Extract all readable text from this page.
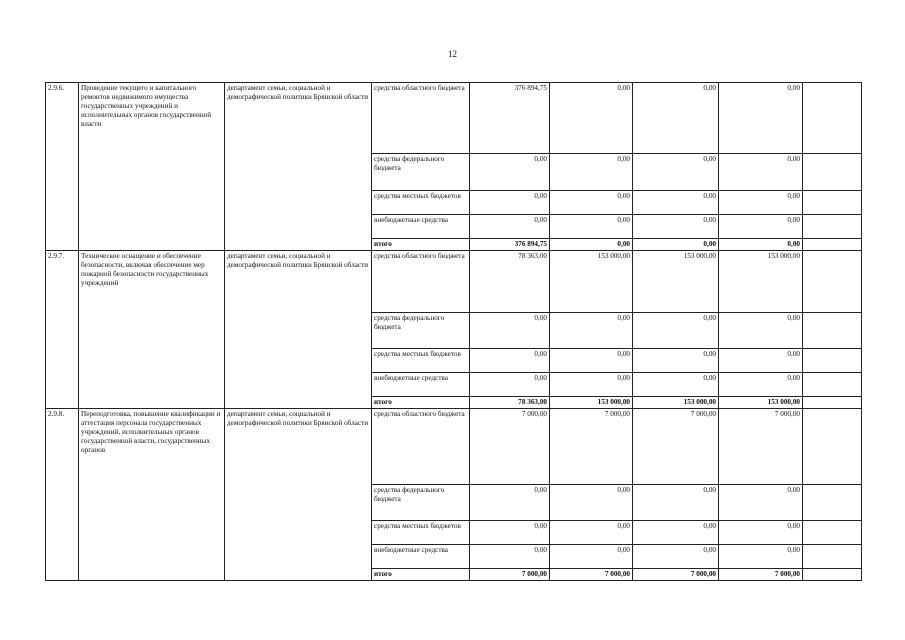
12
2.9.6.	Проведение текущего и капитального ремонтов недвижимого имущества государственных учреждений и исполнительных органов государственной власти	департамент семьи, социальной и демографической политики Брянской области	средства областного бюджета	376 894,75	0,00	0,00	0,00	
			средства федерального бюджета	0,00	0,00	0,00	0,00	
			средства местных бюджетов	0,00	0,00	0,00	0,00	
			внебюджетные средства	0,00	0,00	0,00	0,00	
			итого	376 894,75	0,00	0,00	0,00	
2.9.7.	Техническое оснащение и обеспечение безопасности, включая обеспечение мер пожарной безопасности государственных учреждений	департамент семьи, социальной и демографической политики Брянской области	средства областного бюджета	78 363,00	153 000,00	153 000,00	153 000,00	
			средства федерального бюджета	0,00	0,00	0,00	0,00	
			средства местных бюджетов	0,00	0,00	0,00	0,00	
			внебюджетные средства	0,00	0,00	0,00	0,00	
			итого	78 363,00	153 000,00	153 000,00	153 000,00	
2.9.8.	Переподготовка, повышение квалификации и аттестация персонала государственных учреждений, исполнительных органов государственной власти, государственных органов	департамент семьи, социальной и демографической политики Брянской области	средства областного бюджета	7 000,00	7 000,00	7 000,00	7 000,00	
			средства федерального бюджета	0,00	0,00	0,00	0,00	
			средства местных бюджетов	0,00	0,00	0,00	0,00	
			внебюджетные средства	0,00	0,00	0,00	0,00	
			итого	7 000,00	7 000,00	7 000,00	7 000,00	
